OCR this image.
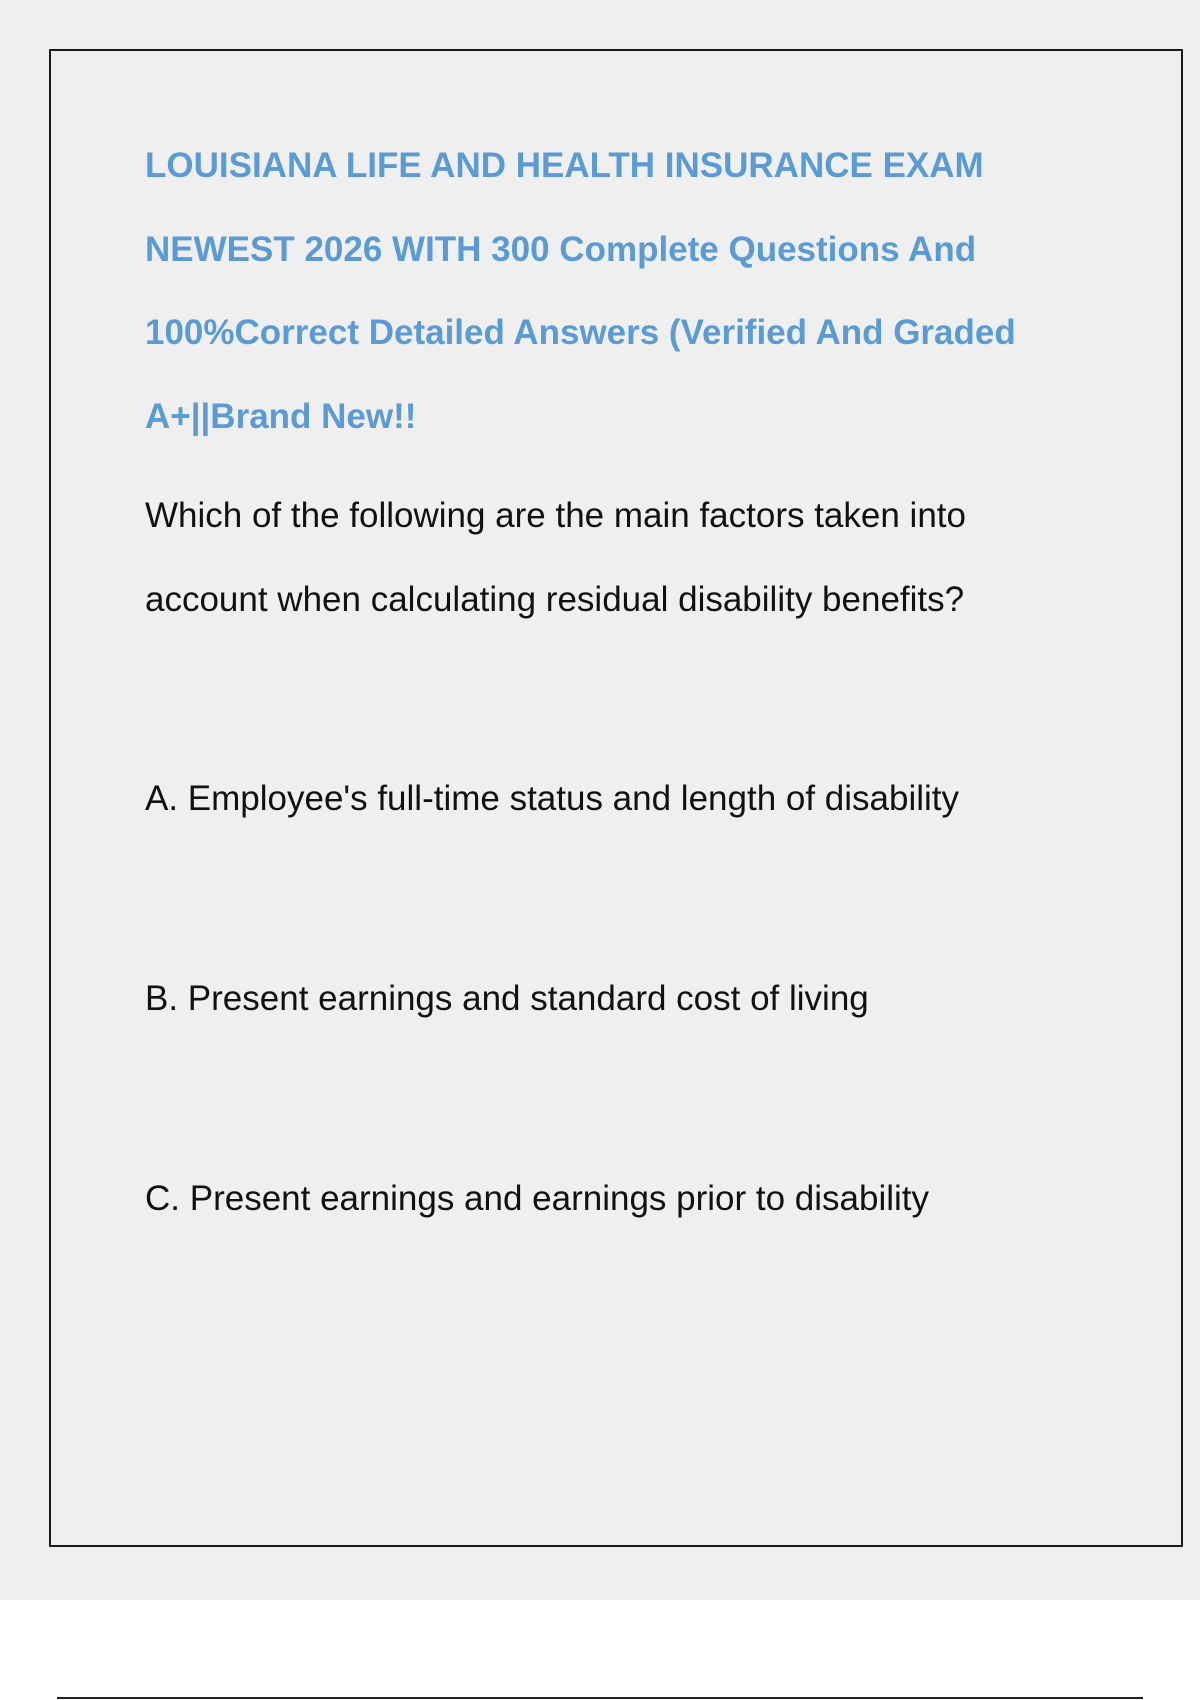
LOUISIANA LIFE AND HEALTH INSURANCE EXAM

NEWEST 2026 WITH 300 Complete Questions And

100%Correct Detailed Answers (Verified And Graded

A+||Brand New!!

Which of the following are the main factors taken into

account when calculating residual disability benefits?

A. Employee's full-time status and length of disability

B. Present earnings and standard cost of living

C. Present earnings and earnings prior to disability
